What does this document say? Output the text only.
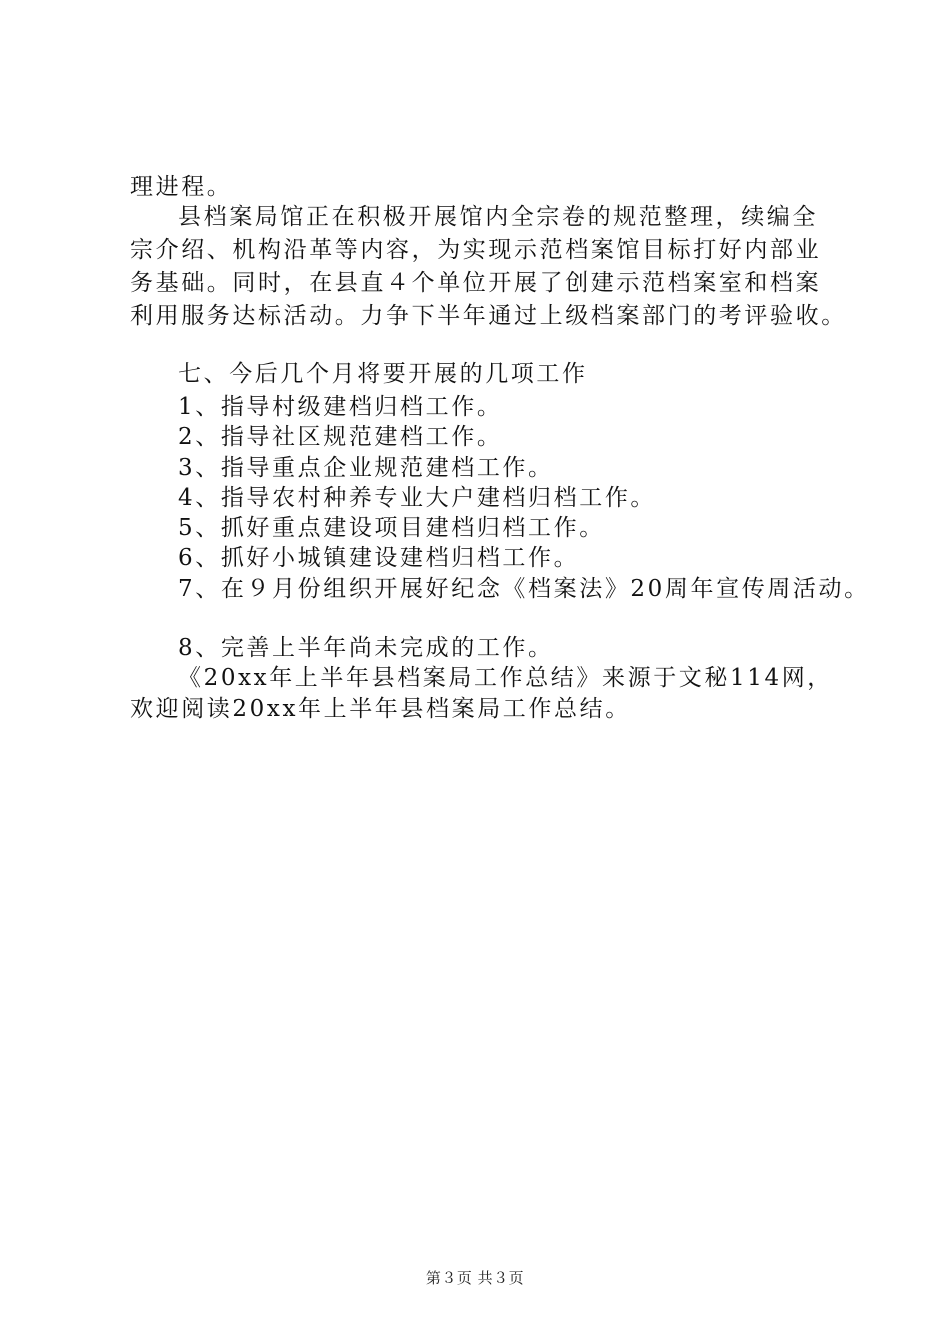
理进程。
县档案局馆正在积极开展馆内全宗卷的规范整理，续编全
宗介绍、机构沿革等内容，为实现示范档案馆目标打好内部业
务基础。同时，在县直４个单位开展了创建示范档案室和档案
利用服务达标活动。力争下半年通过上级档案部门的考评验收。
七、今后几个月将要开展的几项工作
1、指导村级建档归档工作。
2、指导社区规范建档工作。
3、指导重点企业规范建档工作。
4、指导农村种养专业大户建档归档工作。
5、抓好重点建设项目建档归档工作。
6、抓好小城镇建设建档归档工作。
7、在９月份组织开展好纪念《档案法》20周年宣传周活动。
8、完善上半年尚未完成的工作。
《20xx年上半年县档案局工作总结》来源于文秘114网，
欢迎阅读20xx年上半年县档案局工作总结。
第３页 共３页
